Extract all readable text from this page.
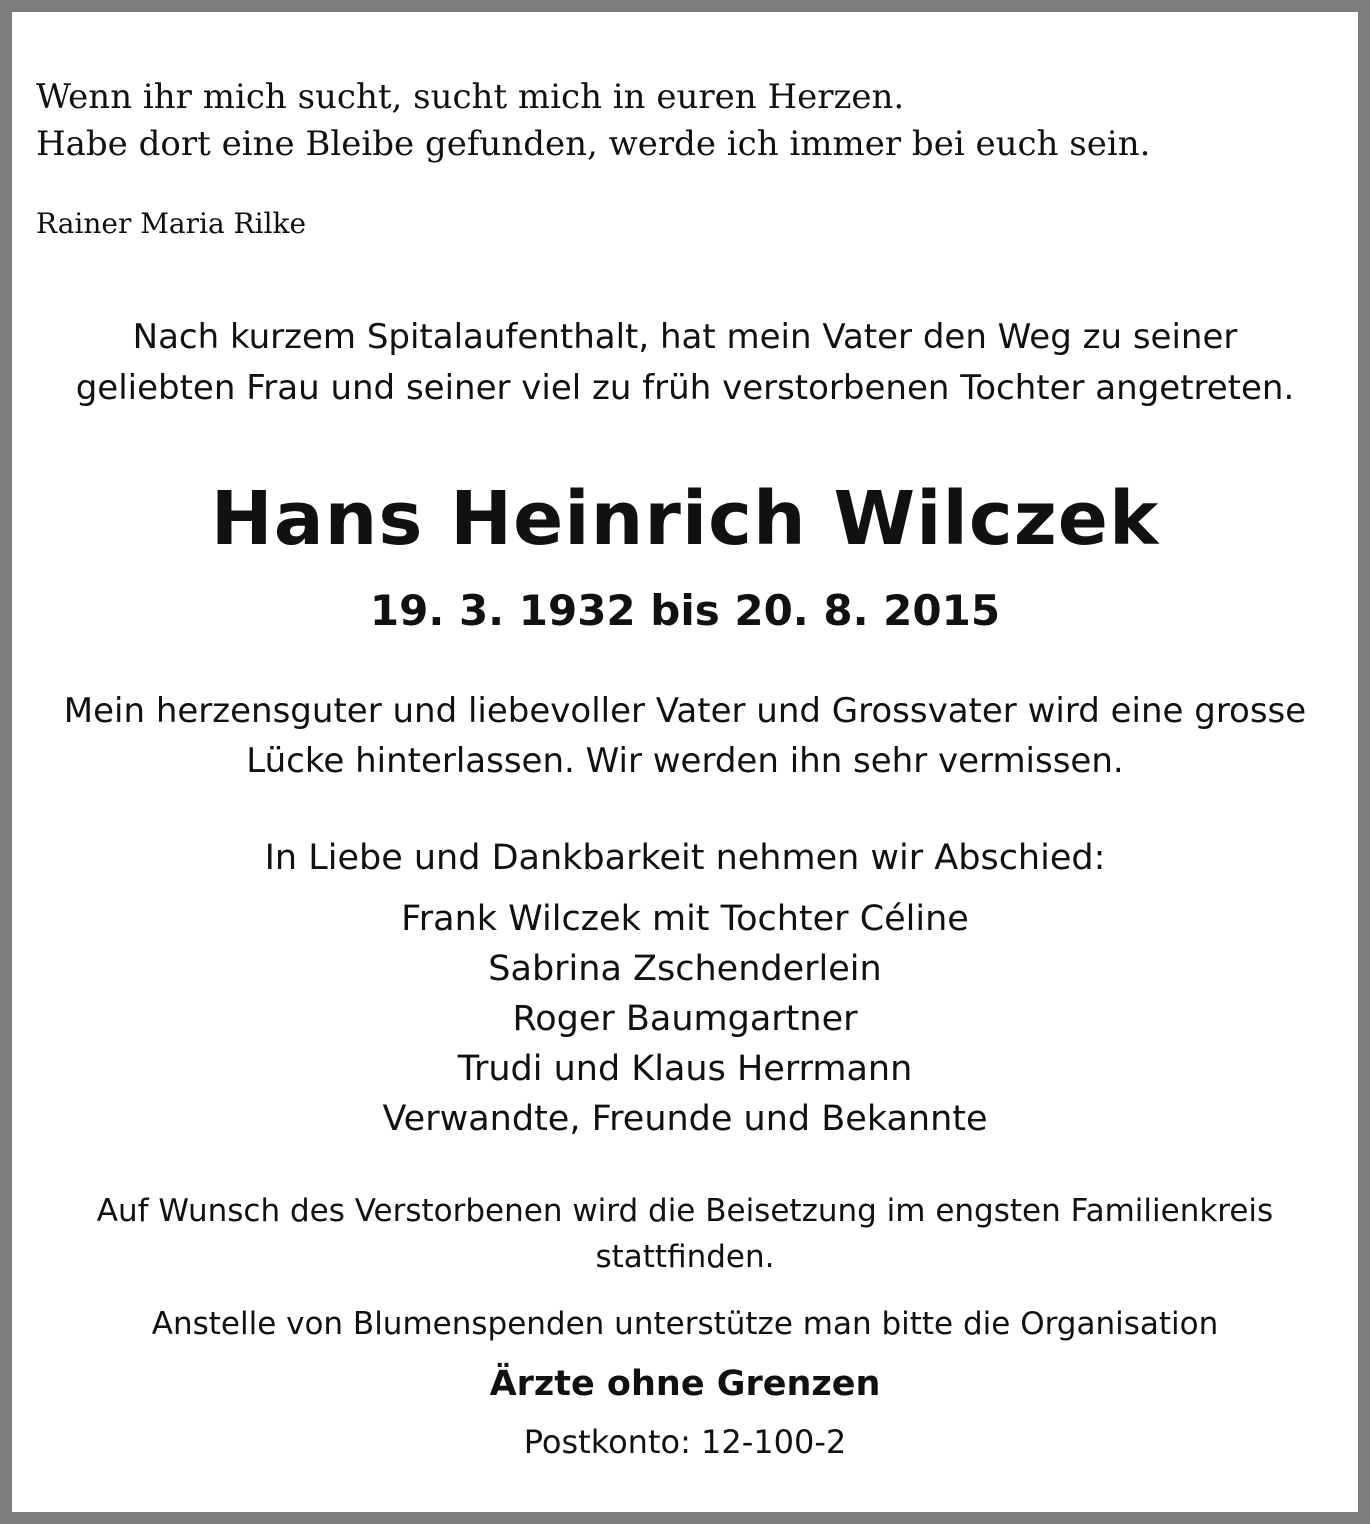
Wenn ihr mich sucht, sucht mich in euren Herzen.
Habe dort eine Bleibe gefunden, werde ich immer bei euch sein.
Rainer Maria Rilke
Nach kurzem Spitalaufenthalt, hat mein Vater den Weg zu seiner
geliebten Frau und seiner viel zu früh verstorbenen Tochter angetreten.
Hans Heinrich Wilczek
19. 3. 1932 bis 20. 8. 2015
Mein herzensguter und liebevoller Vater und Grossvater wird eine grosse
Lücke hinterlassen. Wir werden ihn sehr vermissen.
In Liebe und Dankbarkeit nehmen wir Abschied:
Frank Wilczek mit Tochter Céline
Sabrina Zschenderlein
Roger Baumgartner
Trudi und Klaus Herrmann
Verwandte, Freunde und Bekannte
Auf Wunsch des Verstorbenen wird die Beisetzung im engsten Familienkreis
stattfinden.
Anstelle von Blumenspenden unterstütze man bitte die Organisation
Ärzte ohne Grenzen
Postkonto: 12-100-2
